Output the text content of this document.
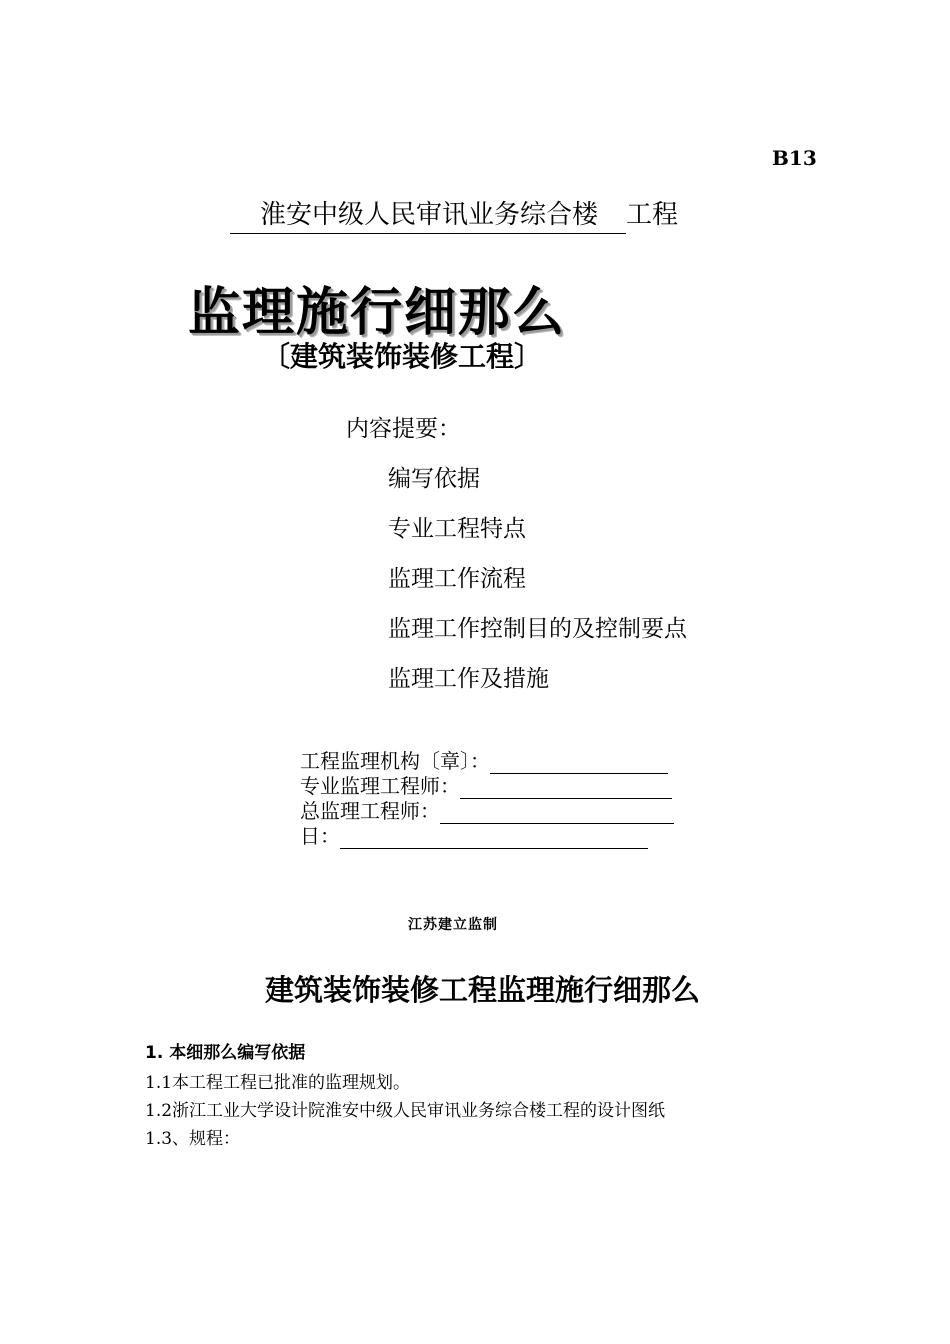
B13
淮安中级人民审讯业务综合楼 工程
监理施行细那么
〔建筑装饰装修工程〕
内容提要：
编写依据
专业工程特点
监理工作流程
监理工作控制目的及控制要点
监理工作及措施
工程监理机构〔章〕：
专业监理工程师：
总监理工程师：
日：
江苏建立监制
建筑装饰装修工程监理施行细那么
1. 本细那么编写依据
1.1本工程工程已批准的监理规划。
1.2浙江工业大学设计院淮安中级人民审讯业务综合楼工程的设计图纸
1.3、规程：
